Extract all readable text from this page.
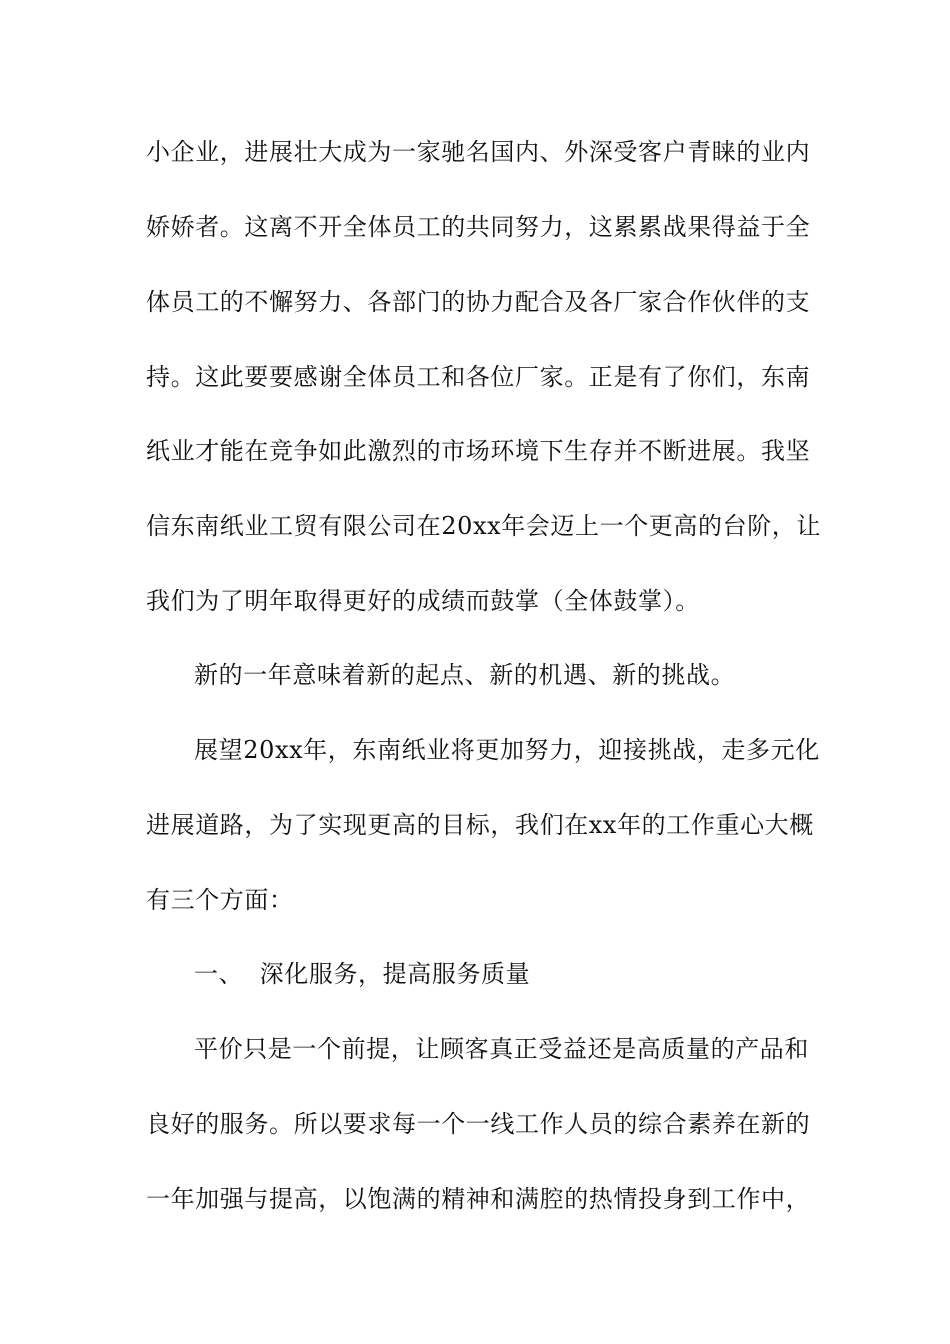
小企业，进展壮大成为一家驰名国内、外深受客户青睐的业内
娇娇者。这离不开全体员工的共同努力，这累累战果得益于全
体员工的不懈努力、各部门的协力配合及各厂家合作伙伴的支
持。这此要要感谢全体员工和各位厂家。正是有了你们，东南
纸业才能在竞争如此激烈的市场环境下生存并不断进展。我坚
信东南纸业工贸有限公司在20xx年会迈上一个更高的台阶，让
我们为了明年取得更好的成绩而鼓掌（全体鼓掌）。
新的一年意味着新的起点、新的机遇、新的挑战。
展望20xx年，东南纸业将更加努力，迎接挑战，走多元化
进展道路，为了实现更高的目标，我们在xx年的工作重心大概
有三个方面：
一、  深化服务，提高服务质量
平价只是一个前提，让顾客真正受益还是高质量的产品和
良好的服务。所以要求每一个一线工作人员的综合素养在新的
一年加强与提高，以饱满的精神和满腔的热情投身到工作中，
